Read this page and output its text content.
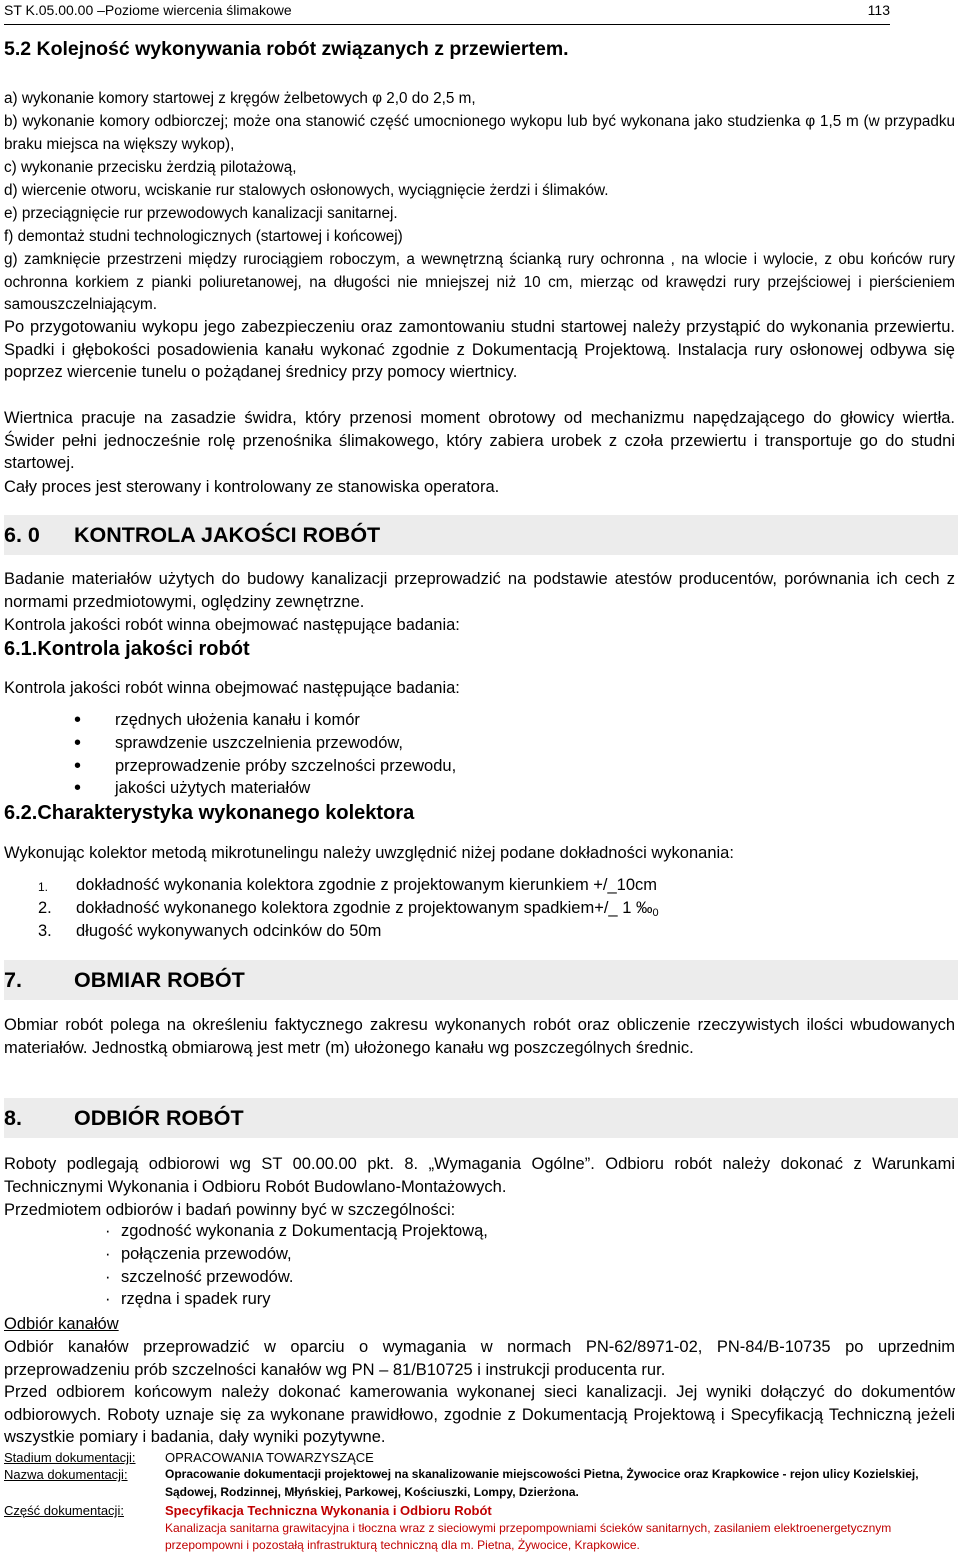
ST K.05.00.00 –Poziome wiercenia ślimakowe	113
5.2 Kolejność wykonywania robót związanych z przewiertem.

a) wykonanie komory startowej z kręgów żelbetowych φ 2,0 do 2,5 m,

b) wykonanie komory odbiorczej; może ona stanowić część umocnionego wykopu lub być wykonana jako studzienka φ 1,5 m (w przypadku braku miejsca na większy wykop),

c) wykonanie przecisku żerdzią pilotażową,

d) wiercenie otworu, wciskanie rur stalowych osłonowych, wyciągnięcie żerdzi i ślimaków.

e) przeciągnięcie rur przewodowych kanalizacji sanitarnej.

f) demontaż studni technologicznych (startowej i końcowej)

g) zamknięcie przestrzeni między rurociągiem roboczym, a wewnętrzną ścianką rury ochronna , na wlocie i wylocie, z obu końców rury ochronna korkiem z pianki poliuretanowej, na długości nie mniejszej niż 10 cm, mierząc od krawędzi rury przejściowej i pierścieniem samouszczelniającym.

Po przygotowaniu wykopu jego zabezpieczeniu oraz zamontowaniu studni startowej należy przystąpić do wykonania przewiertu. Spadki i głębokości posadowienia kanału wykonać zgodnie z Dokumentacją Projektową. Instalacja rury osłonowej odbywa się poprzez wiercenie tunelu o pożądanej średnicy przy pomocy wiertnicy.

Wiertnica pracuje na zasadzie świdra, który przenosi moment obrotowy od mechanizmu napędzającego do głowicy wiertła. Świder pełni jednocześnie rolę przenośnika ślimakowego, który zabiera urobek z czoła przewiertu i transportuje go do studni startowej.

Cały proces jest sterowany i kontrolowany ze stanowiska operatora.

6. 0 KONTROLA JAKOŚCI ROBÓT

Badanie materiałów użytych do budowy kanalizacji przeprowadzić na podstawie atestów producentów, porównania ich cech z normami przedmiotowymi, oględziny zewnętrzne.

Kontrola jakości robót winna obejmować następujące badania:

6.1.Kontrola jakości robót

Kontrola jakości robót winna obejmować następujące badania:

• rzędnych ułożenia kanału i komór
• sprawdzenie uszczelnienia przewodów,
• przeprowadzenie próby szczelności przewodu,
• jakości użytych materiałów
6.2.Charakterystyka wykonanego kolektora

Wykonując kolektor metodą mikrotunelingu należy uwzględnić niżej podane dokładności wykonania:

1. dokładność wykonania kolektora zgodnie z projektowanym kierunkiem +/_10cm
2. dokładność wykonanego kolektora zgodnie z projektowanym spadkiem+/_ 1 ‰0
3. długość wykonywanych odcinków do 50m
7. OBMIAR ROBÓT

Obmiar robót polega na określeniu faktycznego zakresu wykonanych robót oraz obliczenie rzeczywistych ilości wbudowanych materiałów. Jednostką obmiarową jest metr (m) ułożonego kanału wg poszczególnych średnic.

8. ODBIÓR ROBÓT

Roboty podlegają odbiorowi wg ST 00.00.00 pkt. 8. „Wymagania Ogólne”. Odbioru robót należy dokonać z Warunkami Technicznymi Wykonania i Odbioru Robót Budowlano-Montażowych.

Przedmiotem odbiorów i badań powinny być w szczególności:

· zgodność wykonania z Dokumentacją Projektową,
· połączenia przewodów,
· szczelność przewodów.
· rzędna i spadek rury
Odbiór kanałów

Odbiór kanałów przeprowadzić w oparciu o wymagania w normach PN-62/8971-02, PN-84/B-10735 po uprzednim przeprowadzeniu prób szczelności kanałów wg PN – 81/B10725 i instrukcji producenta rur.

Przed odbiorem końcowym należy dokonać kamerowania wykonanej sieci kanalizacji. Jej wyniki dołączyć do dokumentów odbiorowych. Roboty uznaje się za wykonane prawidłowo, zgodnie z Dokumentacją Projektową i Specyfikacją Techniczną jeżeli wszystkie pomiary i badania, dały wyniki pozytywne.

Stadium dokumentacji: OPRACOWANIA TOWARZYSZĄCE
Nazwa dokumentacji:	Opracowanie dokumentacji projektowej na skanalizowanie miejscowości Pietna, Żywocice oraz Krapkowice - rejon ulicy Kozielskiej,
Sądowej, Rodzinnej, Młyńskiej, Parkowej, Kościuszki, Lompy, Dzierżona.
Część dokumentacji:	Specyfikacja Techniczna Wykonania i Odbioru Robót
Kanalizacja sanitarna grawitacyjna i tłoczna wraz z sieciowymi przepompowniami ścieków sanitarnych, zasilaniem elektroenergetycznym
przepompowni i pozostałą infrastrukturą techniczną dla m. Pietna, Żywocice, Krapkowice.
